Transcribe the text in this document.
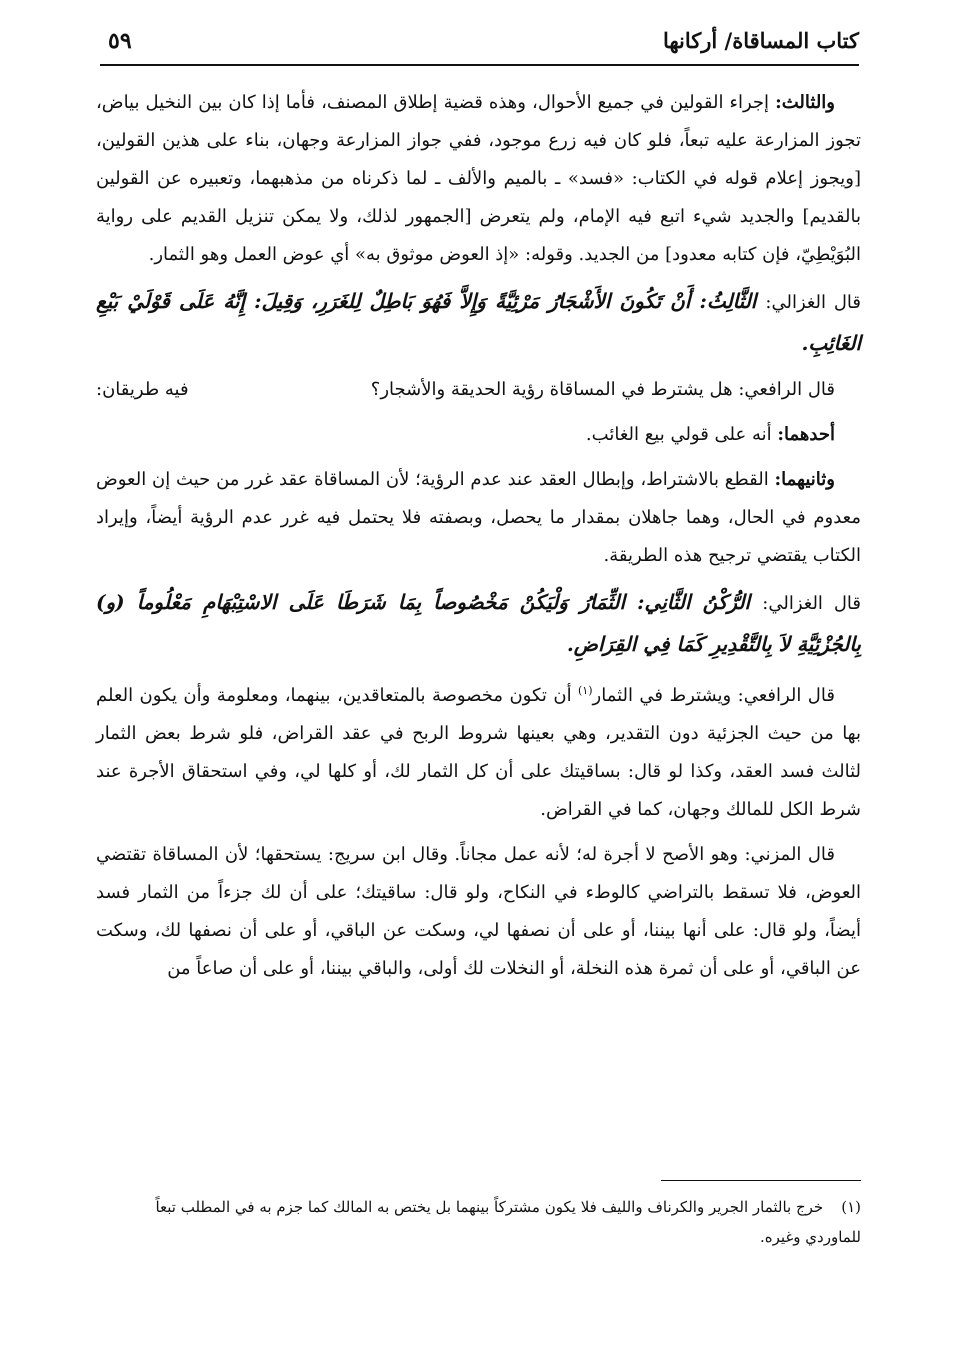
كتاب المساقاة/ أركانها
٥٩

والثالث: إجراء القولين في جميع الأحوال، وهذه قضية إطلاق المصنف، فأما إذا كان بين النخيل بياض، تجوز المزارعة عليه تبعاً، فلو كان فيه زرع موجود، ففي جواز المزارعة وجهان، بناء على هذين القولين، [ويجوز إعلام قوله في الكتاب: «فسد» ـ بالميم والألف ـ لما ذكرناه من مذهبهما، وتعبيره عن القولين بالقديم] والجديد شيء اتبع فيه الإمام، ولم يتعرض [الجمهور لذلك، ولا يمكن تنزيل القديم على رواية البُوَيْطِيّ، فإن كتابه معدود] من الجديد. وقوله: «إذ العوض موثوق به» أي عوض العمل وهو الثمار.

قال الغزالي: الثَّالِثُ: أَنْ تَكُونَ الأَشْجَارُ مَرْئِيَّةً وَإِلاَّ فَهُوَ بَاطِلٌ لِلغَرَرِ، وَقِيلَ: إِنَّهُ عَلَى قَوْلَيْ بَيْعِ الغَائِبِ.

قال الرافعي: هل يشترط في المساقاة رؤية الحديقة والأشجار؟
فيه طريقان:

أحدهما: أنه على قولي بيع الغائب.

وثانيهما: القطع بالاشتراط، وإبطال العقد عند عدم الرؤية؛ لأن المساقاة عقد غرر من حيث إن العوض معدوم في الحال، وهما جاهلان بمقدار ما يحصل، وبصفته فلا يحتمل فيه غرر عدم الرؤية أيضاً، وإيراد الكتاب يقتضي ترجيح هذه الطريقة.

قال الغزالي: الرُّكْنُ الثَّانِي: الثِّمَارُ وَلْيَكُنْ مَخْصُوصاً بِمَا شَرَطَا عَلَى الاسْتِبْهَامِ مَعْلُوماً (و) بِالجُزْئِيَّةِ لاَ بِالتَّقْدِيرِ كَمَا فِي القِرَاضِ.

قال الرافعي: ويشترط في الثمار$^{(١)}$ أن تكون مخصوصة بالمتعاقدين، بينهما، ومعلومة وأن يكون العلم بها من حيث الجزئية دون التقدير، وهي بعينها شروط الربح في عقد القراض، فلو شرط بعض الثمار لثالث فسد العقد، وكذا لو قال: بساقيتك على أن كل الثمار لك، أو كلها لي، وفي استحقاق الأجرة عند شرط الكل للمالك وجهان، كما في القراض.

قال المزني: وهو الأصح لا أجرة له؛ لأنه عمل مجاناً. وقال ابن سريج: يستحقها؛ لأن المساقاة تقتضي العوض، فلا تسقط بالتراضي كالوطء في النكاح، ولو قال: ساقيتك؛ على أن لك جزءاً من الثمار فسد أيضاً، ولو قال: على أنها بيننا، أو على أن نصفها لي، وسكت عن الباقي، أو على أن نصفها لك، وسكت عن الباقي، أو على أن ثمرة هذه النخلة، أو النخلات لك أولى، والباقي بيننا، أو على أن صاعاً من

(١)خرج بالثمار الجرير والكرناف والليف فلا يكون مشتركاً بينهما بل يختص به المالك كما جزم به في المطلب تبعاً للماوردي وغيره.
